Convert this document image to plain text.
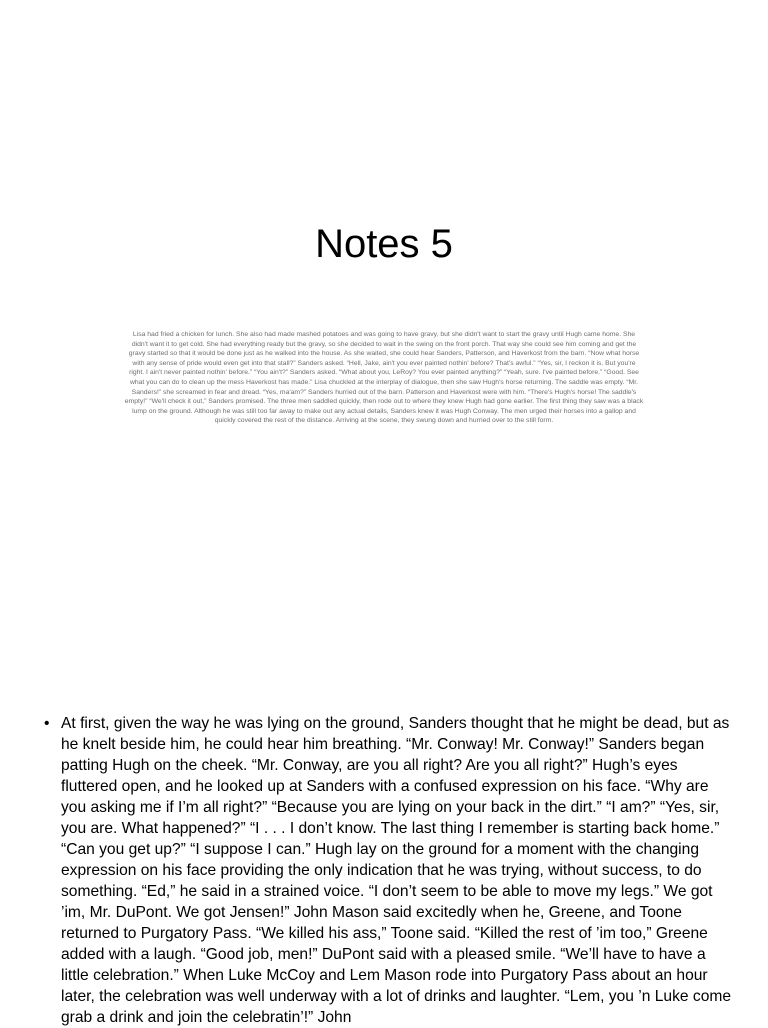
Notes 5

Lisa had fried a chicken for lunch. She also had made mashed potatoes and was going to have gravy, but she didn't want to start the gravy until Hugh came home. She didn't want it to get cold. She had everything ready but the gravy, so she decided to wait in the swing on the front porch. That way she could see him coming and get the gravy started so that it would be done just as he walked into the house. As she waited, she could hear Sanders, Patterson, and Haverkost from the barn. “Now what horse with any sense of pride would even get into that stall?” Sanders asked. “Hell, Jake, ain't you ever painted nothin' before? That's awful.” “Yes, sir, I reckon it is. But you're right. I ain't never painted nothin' before.” “You ain't?” Sanders asked. “What about you, LeRoy? You ever painted anything?” “Yeah, sure. I've painted before.” “Good. See what you can do to clean up the mess Haverkost has made.” Lisa chuckled at the interplay of dialogue, then she saw Hugh's horse returning. The saddle was empty. “Mr. Sanders!” she screamed in fear and dread. “Yes, ma'am?” Sanders hurried out of the barn. Patterson and Haverkost were with him. “There's Hugh's horse! The saddle's empty!” “We'll check it out,” Sanders promised. The three men saddled quickly, then rode out to where they knew Hugh had gone earlier. The first thing they saw was a black lump on the ground. Although he was still too far away to make out any actual details, Sanders knew it was Hugh Conway. The men urged their horses into a gallop and quickly covered the rest of the distance. Arriving at the scene, they swung down and hurried over to the still form.

• At first, given the way he was lying on the ground, Sanders thought that he might be dead, but as he knelt beside him, he could hear him breathing. “Mr. Conway! Mr. Conway!” Sanders began patting Hugh on the cheek. “Mr. Conway, are you all right? Are you all right?” Hugh’s eyes fluttered open, and he looked up at Sanders with a confused expression on his face. “Why are you asking me if I’m all right?” “Because you are lying on your back in the dirt.” “I am?” “Yes, sir, you are. What happened?” “I . . . I don’t know. The last thing I remember is starting back home.” “Can you get up?” “I suppose I can.” Hugh lay on the ground for a moment with the changing expression on his face providing the only indication that he was trying, without success, to do something. “Ed,” he said in a strained voice. “I don’t seem to be able to move my legs.” We got ’im, Mr. DuPont. We got Jensen!” John Mason said excitedly when he, Greene, and Toone returned to Purgatory Pass. “We killed his ass,” Toone said. “Killed the rest of ’im too,” Greene added with a laugh. “Good job, men!” DuPont said with a pleased smile. “We’ll have to have a little celebration.” When Luke McCoy and Lem Mason rode into Purgatory Pass about an hour later, the celebration was well underway with a lot of drinks and laughter. “Lem, you ’n Luke come grab a drink and join the celebratin’!” John
